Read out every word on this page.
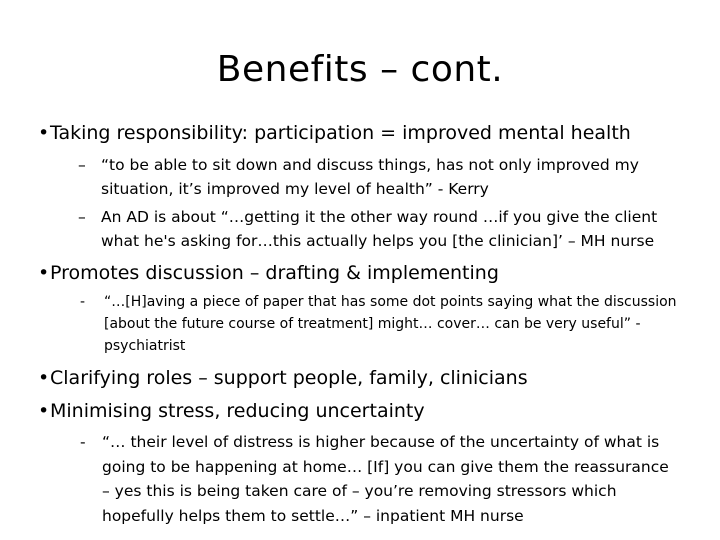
Benefits – cont.
•Taking responsibility: participation = improved mental health
– “to be able to sit down and discuss things, has not only improved my situation, it’s improved my level of health” - Kerry
– An AD is about “…getting it the other way round …if you give the client what he's asking for…this actually helps you [the clinician]’ – MH nurse
•Promotes discussion – drafting & implementing
-	“…[H]aving a piece of paper that has some dot points saying what the discussion [about the future course of treatment] might… cover… can be very useful” - psychiatrist
•Clarifying roles – support people, family, clinicians
•Minimising stress, reducing uncertainty
-	“… their level of distress is higher because of the uncertainty of what is going to be happening at home… [If] you can give them the reassurance – yes this is being taken care of – you’re removing stressors which hopefully helps them to settle…” – inpatient MH nurse
